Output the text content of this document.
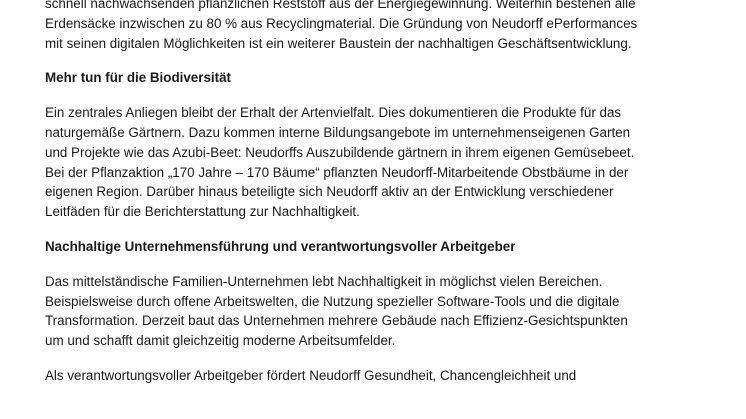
schnell nachwachsenden pflanzlichen Reststoff aus der Energiegewinnung. Weiterhin bestehen alle
Erdensäcke inzwischen zu 80 % aus Recyclingmaterial. Die Gründung von Neudorff ePerformances
mit seinen digitalen Möglichkeiten ist ein weiterer Baustein der nachhaltigen Geschäftsentwicklung.
Mehr tun für die Biodiversität
Ein zentrales Anliegen bleibt der Erhalt der Artenvielfalt. Dies dokumentieren die Produkte für das
naturgemäße Gärtnern. Dazu kommen interne Bildungsangebote im unternehmenseigenen Garten
und Projekte wie das Azubi-Beet: Neudorffs Auszubildende gärtnern in ihrem eigenen Gemüsebeet.
Bei der Pflanzaktion „170 Jahre – 170 Bäume“ pflanzten Neudorff-Mitarbeitende Obstbäume in der
eigenen Region. Darüber hinaus beteiligte sich Neudorff aktiv an der Entwicklung verschiedener
Leitfäden für die Berichterstattung zur Nachhaltigkeit.
Nachhaltige Unternehmensführung und verantwortungsvoller Arbeitgeber
Das mittelständische Familien-Unternehmen lebt Nachhaltigkeit in möglichst vielen Bereichen.
Beispielsweise durch offene Arbeitswelten, die Nutzung spezieller Software-Tools und die digitale
Transformation. Derzeit baut das Unternehmen mehrere Gebäude nach Effizienz-Gesichtspunkten
um und schafft damit gleichzeitig moderne Arbeitsumfelder.
Als verantwortungsvoller Arbeitgeber fördert Neudorff Gesundheit, Chancengleichheit und
